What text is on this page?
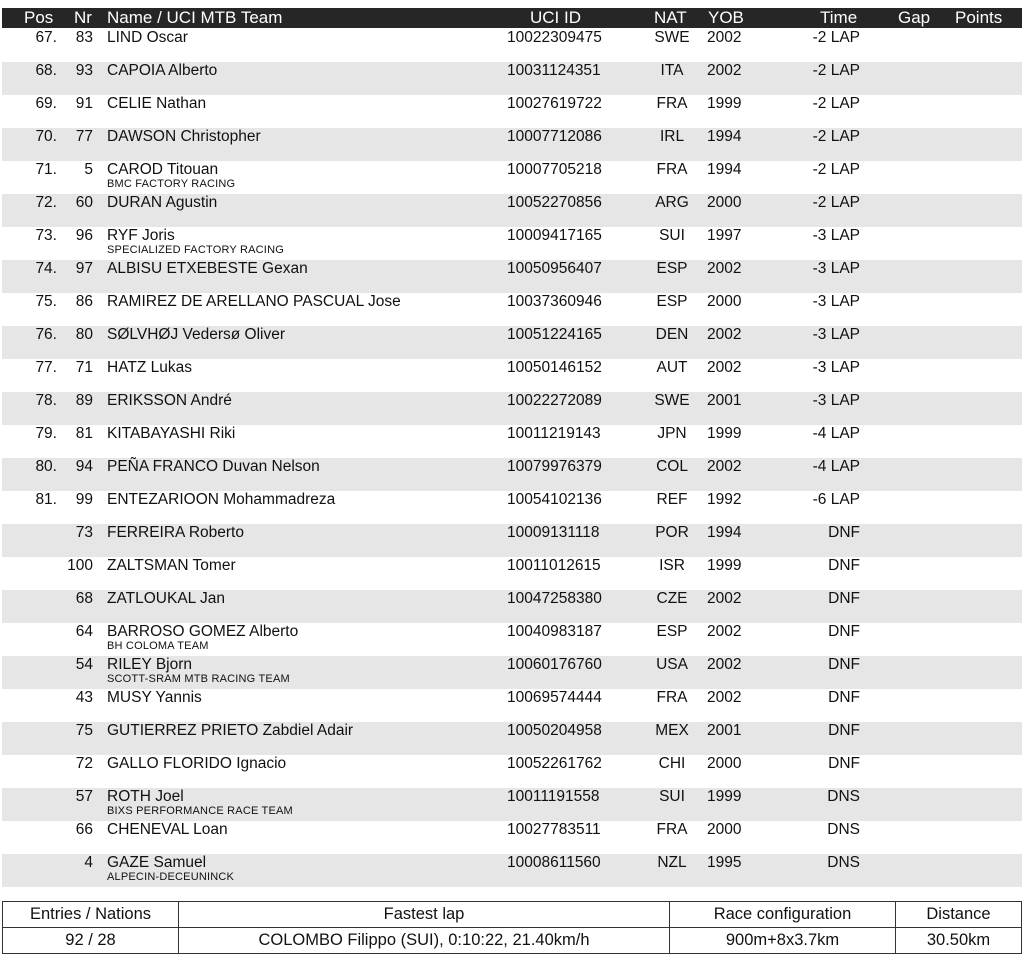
Pos Nr Name / UCI MTB Team	UCI ID	NAT YOB	Time Gap Points
67. 83 LIND Oscar	10022309475	SWE 2002	-2 LAP
68. 93 CAPOIA Alberto	10031124351	ITA	2002	-2 LAP
69. 91 CELIE Nathan	10027619722	FRA 1999	-2 LAP
70. 77 DAWSON Christopher	10007712086	IRL	1994	-2 LAP
71. 5 CAROD Titouan	10007705218	FRA 1994	-2 LAP
BMC FACTORY RACING
72. 60 DURAN Agustin	10052270856	ARG 2000	-2 LAP
73. 96 RYF Joris	10009417165	SUI	1997	-3 LAP
SPECIALIZED FACTORY RACING
74. 97 ALBISU ETXEBESTE Gexan	10050956407	ESP 2002	-3 LAP
75. 86 RAMIREZ DE ARELLANO PASCUAL Jose	10037360946	ESP 2000	-3 LAP
76. 80 SØLVHØJ Vedersø Oliver	10051224165	DEN 2002	-3 LAP
77. 71 HATZ Lukas	10050146152	AUT 2002	-3 LAP
78. 89 ERIKSSON André	10022272089	SWE 2001	-3 LAP
79. 81 KITABAYASHI Riki	10011219143	JPN	1999	-4 LAP
80. 94 PEÑA FRANCO Duvan Nelson	10079976379	COL 2002	-4 LAP
81. 99 ENTEZARIOON Mohammadreza	10054102136	REF 1992	-6 LAP
73 FERREIRA Roberto	10009131118	POR 1994	DNF
100 ZALTSMAN Tomer	10011012615	ISR	1999	DNF
68 ZATLOUKAL Jan	10047258380	CZE 2002	DNF
64 BARROSO GOMEZ Alberto	10040983187	ESP 2002	DNF
BH COLOMA TEAM
54 RILEY Bjorn	10060176760	USA 2002	DNF
SCOTT-SRAM MTB RACING TEAM
43 MUSY Yannis	10069574444	FRA 2002	DNF
75 GUTIERREZ PRIETO Zabdiel Adair	10050204958	MEX 2001	DNF
72 GALLO FLORIDO Ignacio	10052261762	CHI	2000	DNF
57 ROTH Joel	10011191558	SUI	1999	DNS
BIXS PERFORMANCE RACE TEAM
66 CHENEVAL Loan	10027783511	FRA 2000	DNS
4 GAZE Samuel	10008611560	NZL	1995	DNS
ALPECIN-DECEUNINCK
Entries / Nations	Fastest lap	Race configuration	Distance
92 / 28	COLOMBO Filippo (SUI), 0:10:22, 21.40km/h	900m+8x3.7km	30.50km
